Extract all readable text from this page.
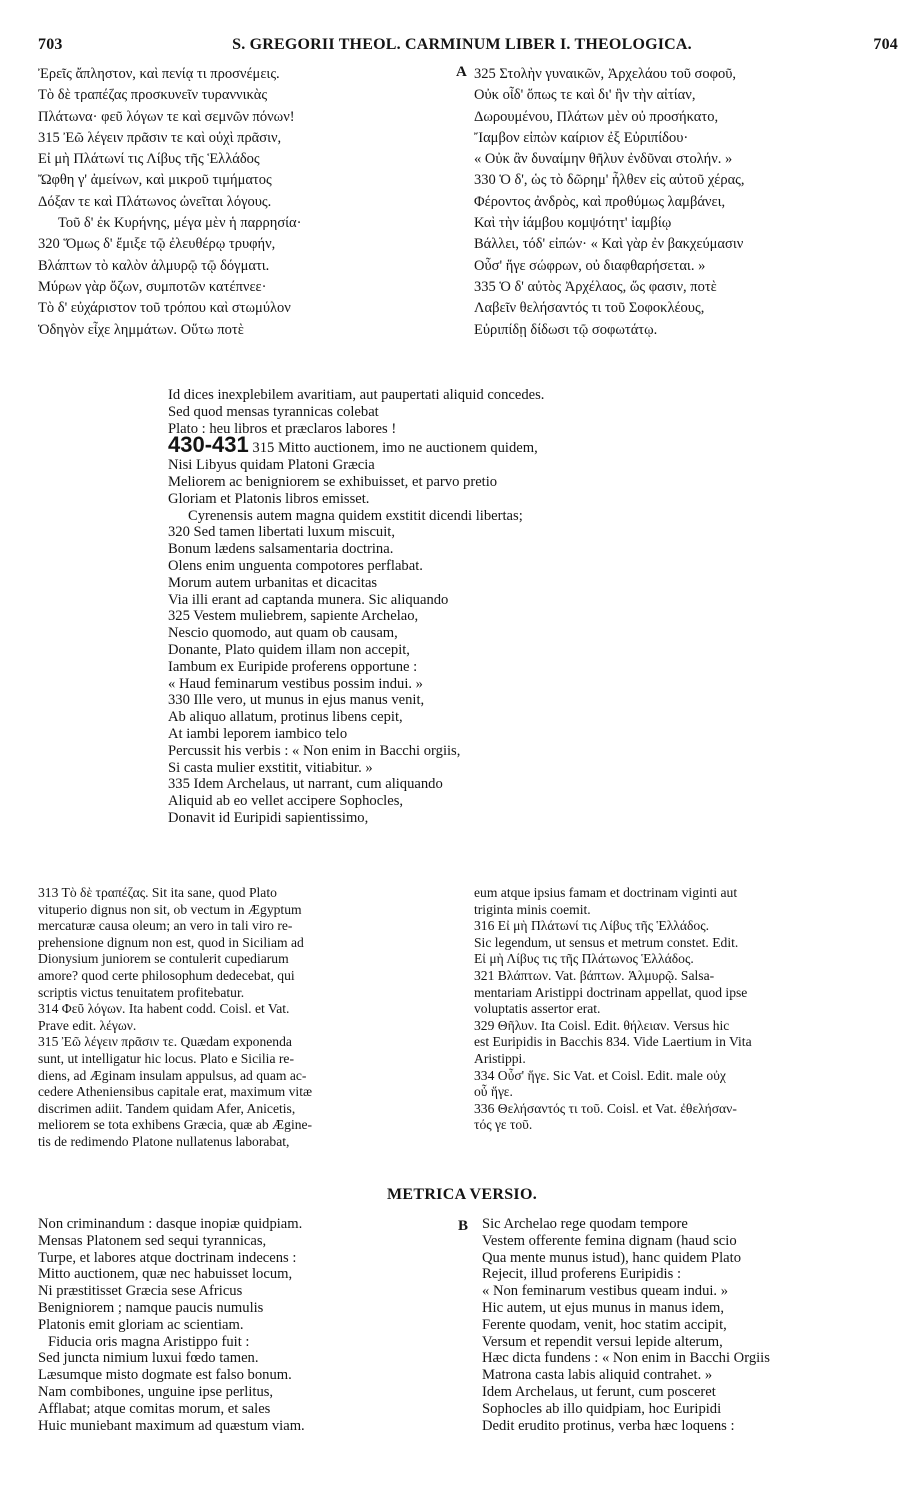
703	S. GREGORII THEOL. CARMINUM LIBER I. THEOLOGICA.	704
Ἐρεῖς ἄπληστον, καὶ πενίᾳ τι προσνέμεις.
Τὸ δὲ τραπέζας προσκυνεῖν τυραννικὰς
Πλάτωνα· φεῦ λόγων τε καὶ σεμνῶν πόνων!
315 Ἐῶ λέγειν πρᾶσιν τε καὶ οὐχὶ πρᾶσιν,
Εἰ μὴ Πλάτωνί τις Λίβυς τῆς Ἑλλάδος
Ὤφθη γ' ἀμείνων, καὶ μικροῦ τιμήματος
Δόξαν τε καὶ Πλάτωνος ὠνεῖται λόγους.
Τοῦ δ' ἐκ Κυρήνης, μέγα μὲν ἡ παρρησία·
320 Ὅμως δ' ἔμιξε τῷ ἐλευθέρῳ τρυφήν,
Βλάπτων τὸ καλὸν ἁλμυρῷ τῷ δόγματι.
Μύρων γὰρ ὄζων, συμποτῶν κατέπνεε·
Τὸ δ' εὐχάριστον τοῦ τρόπου καὶ στωμύλον
Ὁδηγὸν εἶχε λημμάτων. Οὕτω ποτὲ
A 325 Στολὴν γυναικῶν, Ἀρχελάου τοῦ σοφοῦ,
Οὐκ οἶδ' ὅπως τε καὶ δι' ἣν τὴν αἰτίαν,
Δωρουμένου, Πλάτων μὲν οὐ προσήκατο,
Ἴαμβον εἰπὼν καίριον ἐξ Εὐριπίδου·
« Οὐκ ἂν δυναίμην θῆλυν ἐνδῦναι στολήν. »
330 Ὁ δ', ὡς τὸ δῶρημ' ἦλθεν εἰς αὐτοῦ χέρας,
Φέροντος ἀνδρὸς, καὶ προθύμως λαμβάνει,
Καὶ τὴν ἰάμβου κομψότητ' ἰαμβίῳ
Βάλλει, τόδ' εἰπών· « Καὶ γὰρ ἐν βακχεύμασιν
Οὖσ' ἥγε σώφρων, οὐ διαφθαρήσεται. »
335 Ὁ δ' αὐτὸς Ἀρχέλαος, ὥς φασιν, ποτὲ
Λαβεῖν θελήσαντός τι τοῦ Σοφοκλέους,
Εὐριπίδῃ δίδωσι τῷ σοφωτάτῳ.
Id dices inexplebilem avaritiam, aut paupertati aliquid concedes.
Sed quod mensas tyrannicas colebat
Plato : heu libros et præclaros labores !
430-431 315 Mitto auctionem, imo ne auctionem quidem,
Nisi Libyus quidam Platoni Græcia
Meliorem ac benigniorem se exhibuisset, et parvo pretio
Gloriam et Platonis libros emisset.
Cyrenensis autem magna quidem exstitit dicendi libertas;
320 Sed tamen libertati luxum miscuit,
Bonum lædens salsamentaria doctrina.
Olens enim unguenta compotores perflabat.
Morum autem urbanitas et dicacitas
Via illi erant ad captanda munera. Sic aliquando
325 Vestem muliebrem, sapiente Archelao,
Nescio quomodo, aut quam ob causam,
Donante, Plato quidem illam non accepit,
Iambum ex Euripide proferens opportune :
« Haud feminarum vestibus possim indui. »
330 Ille vero, ut munus in ejus manus venit,
Ab aliquo allatum, protinus libens cepit,
At iambi leporem iambico telo
Percussit his verbis : « Non enim in Bacchi orgiis,
Si casta mulier exstitit, vitiabitur. »
335 Idem Archelaus, ut narrant, cum aliquando
Aliquid ab eo vellet accipere Sophocles,
Donavit id Euripidi sapientissimo,
313 Τὸ δὲ τραπέζας. Sit ita sane, quod Plato
vituperio dignus non sit, ob vectum in Ægyptum
mercaturæ causa oleum; an vero in tali viro re-
prehensione dignum non est, quod in Siciliam ad
Dionysium juniorem se contulerit cupediarum
amore? quod certe philosophum dedecebat, qui
scriptis victus tenuitatem profitebatur.
314 Φεῦ λόγων. Ita habent codd. Coisl. et Vat.
Prave edit. λέγων.
315 Ἐῶ λέγειν πρᾶσιν τε. Quædam exponenda
sunt, ut intelligatur hic locus. Plato e Sicilia re-
diens, ad Æginam insulam appulsus, ad quam ac-
cedere Atheniensibus capitale erat, maximum vitæ
discrimen adiit. Tandem quidam Afer, Anicetis,
meliorem se tota exhibens Græcia, quæ ab Ægine-
tis de redimendo Platone nullatenus laborabat,
eum atque ipsius famam et doctrinam viginti aut
triginta minis coemit.
316 Εἰ μὴ Πλάτωνί τις Λίβυς τῆς Ἑλλάδος.
Sic legendum, ut sensus et metrum constet. Edit.
Εἰ μὴ Λίβυς τις τῆς Πλάτωνος Ἑλλάδος.
321 Βλάπτων. Vat. βάπτων. Ἁλμυρῷ. Salsa-
mentariam Aristippi doctrinam appellat, quod ipse
voluptatis assertor erat.
329 Θῆλυν. Ita Coisl. Edit. θήλειαν. Versus hic
est Euripidis in Bacchis 834. Vide Laertium in Vita
Aristippi.
334 Οὖσ' ἥγε. Sic Vat. et Coisl. Edit. male οὐχ
οὖ ἥγε.
336 Θελήσαντός τι τοῦ. Coisl. et Vat. ἐθελήσαν-
τός γε τοῦ.
METRICA VERSIO.
Non criminandum : dasque inopiæ quidpiam.
Mensas Platonem sed sequi tyrannicas,
Turpe, et labores atque doctrinam indecens :
Mitto auctionem, quæ nec habuisset locum,
Ni præstitisset Græcia sese Africus
Benigniorem ; namque paucis numulis
Platonis emit gloriam ac scientiam.
Fiducia oris magna Aristippo fuit :
Sed juncta nimium luxui fœdo tamen.
Læsumque misto dogmate est falso bonum.
Nam combibones, unguine ipse perlitus,
Afflabat; atque comitas morum, et sales
Huic muniebant maximum ad quæstum viam.
B Sic Archelao rege quodam tempore
Vestem offerente femina dignam (haud scio
Qua mente munus istud), hanc quidem Plato
Rejecit, illud proferens Euripidis :
« Non feminarum vestibus queam indui. »
Hic autem, ut ejus munus in manus idem,
Ferente quodam, venit, hoc statim accipit,
Versum et rependit versui lepide alterum,
Hæc dicta fundens : « Non enim in Bacchi Orgiis
Matrona casta labis aliquid contrahet. »
Idem Archelaus, ut ferunt, cum posceret
Sophocles ab illo quidpiam, hoc Euripidi
Dedit erudito protinus, verba hæc loquens :
